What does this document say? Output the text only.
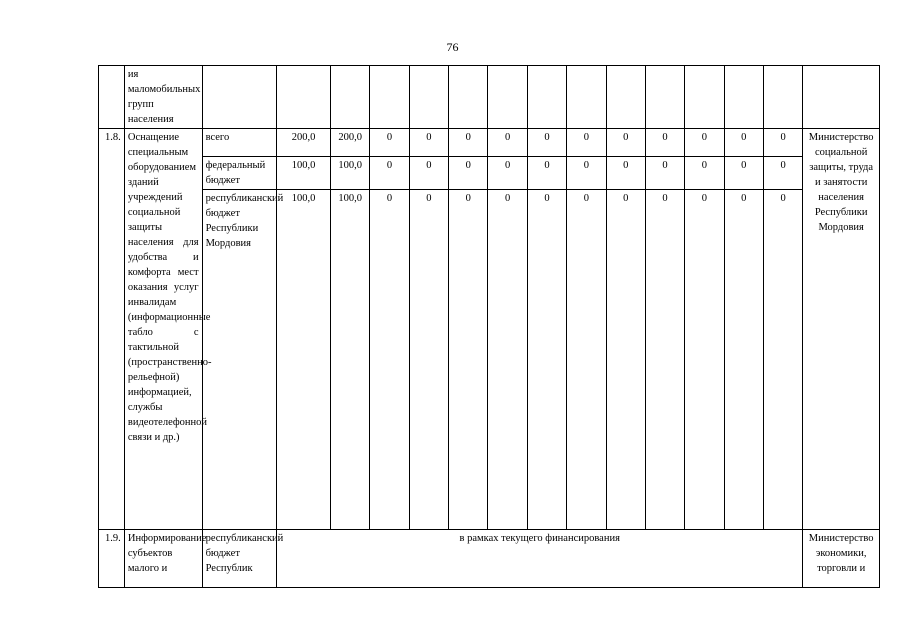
76
	ия маломобильных групп населения															
1.8.	Оснащение специальным оборудованием зданий учреждений социальной защиты населения для удобства и комфорта мест оказания услуг инвалидам (информационные табло с тактильной (пространственно-рельефной) информацией, службы видеотелефонной связи и др.)	всего	200,0	200,0	0	0	0	0	0	0	0	0	0	0	0	Министерство социальной защиты, труда и занятости населения Республики Мордовия
		федеральный бюджет	100,0	100,0	0	0	0	0	0	0	0	0	0	0	0	
		республиканский бюджет Республики Мордовия	100,0	100,0	0	0	0	0	0	0	0	0	0	0	0	
1.9.	Информирование субъектов малого и	республиканский бюджет Республик	в рамках текущего финансирования													Министерство экономики, торговли и
